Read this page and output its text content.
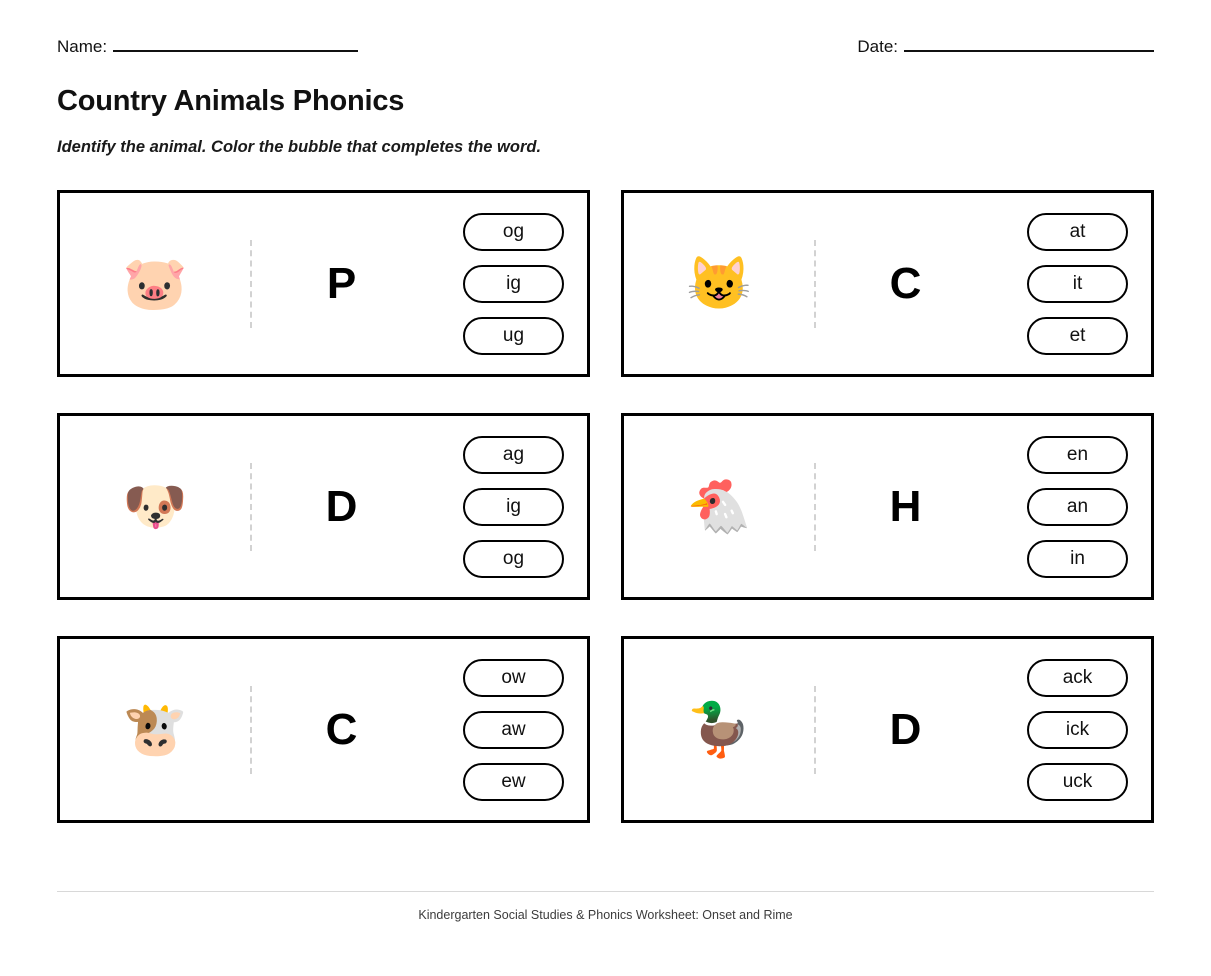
Name:	Date:
Country Animals Phonics

Identify the animal. Color the bubble that completes the word.

🐷	P
og
ig
ug
😺	C
at
it
et
🐶	D
ag
ig
og
🐔	H
en
an
in
🐮	C
ow
aw
ew
🦆	D
ack
ick
uck
Kindergarten Social Studies & Phonics Worksheet: Onset and Rime
